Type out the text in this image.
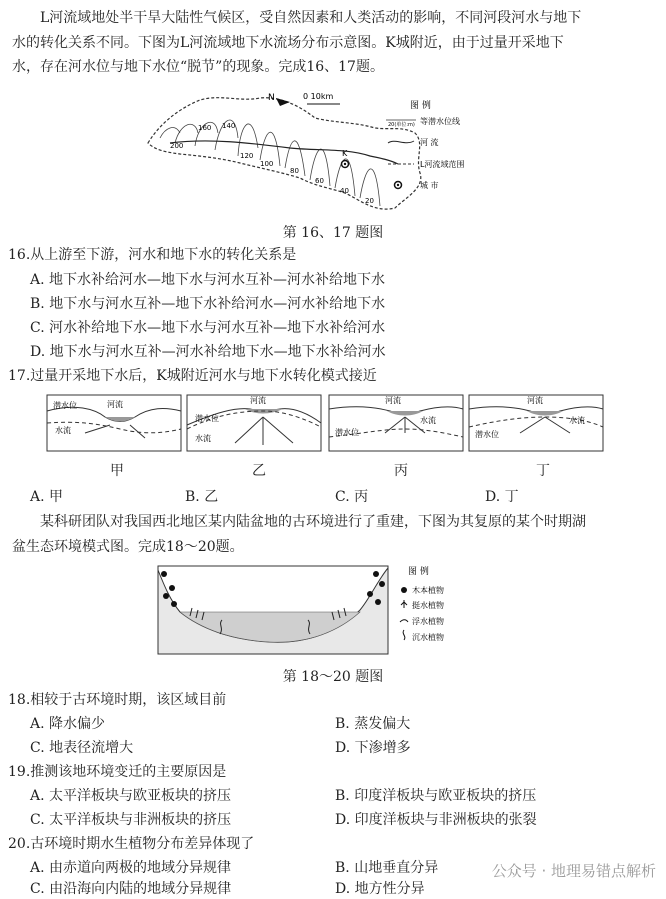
L河流域地处半干旱大陆性气候区，受自然因素和人类活动的影响，不同河段河水与地下
水的转化关系不同。下图为L河流域地下水流场分布示意图。K城附近，由于过量开采地下
水，存在河水位与地下水位“脱节”的现象。完成16、17题。
200
160 140
120
100
80
60
40
20
K
N	0 10km
图 例
20(单位:m) 等潜水位线
河 流
L河流域范围
城 市
第 16、17 题图
16.从上游至下游，河水和地下水的转化关系是
A. 地下水补给河水—地下水与河水互补—河水补给地下水
B. 地下水与河水互补—地下水补给河水—河水补给地下水
C. 河水补给地下水—地下水与河水互补—地下水补给河水
D. 地下水与河水互补—河水补给地下水—地下水补给河水
17.过量开采地下水后，K城附近河水与地下水转化模式接近
潜水位	河流
水流
河流
潜水位
水流
河流
水流
潜水位
河流
水流
潜水位
甲	乙	丙	丁
A. 甲	B. 乙	C. 丙	D. 丁
某科研团队对我国西北地区某内陆盆地的古环境进行了重建，下图为其复原的某个时期湖
盆生态环境模式图。完成18～20题。
图 例
木本植物
挺水植物
浮水植物
沉水植物
第 18～20 题图
18.相较于古环境时期，该区域目前
A. 降水偏少	B. 蒸发偏大
C. 地表径流增大	D. 下渗增多
19.推测该地环境变迁的主要原因是
A. 太平洋板块与欧亚板块的挤压	B. 印度洋板块与欧亚板块的挤压
C. 太平洋板块与非洲板块的挤压	D. 印度洋板块与非洲板块的张裂
20.古环境时期水生植物分布差异体现了
A. 由赤道向两极的地域分异规律	B. 山地垂直分异
C. 由沿海向内陆的地域分异规律	D. 地方性分异
公众号 · 地理易错点解析
